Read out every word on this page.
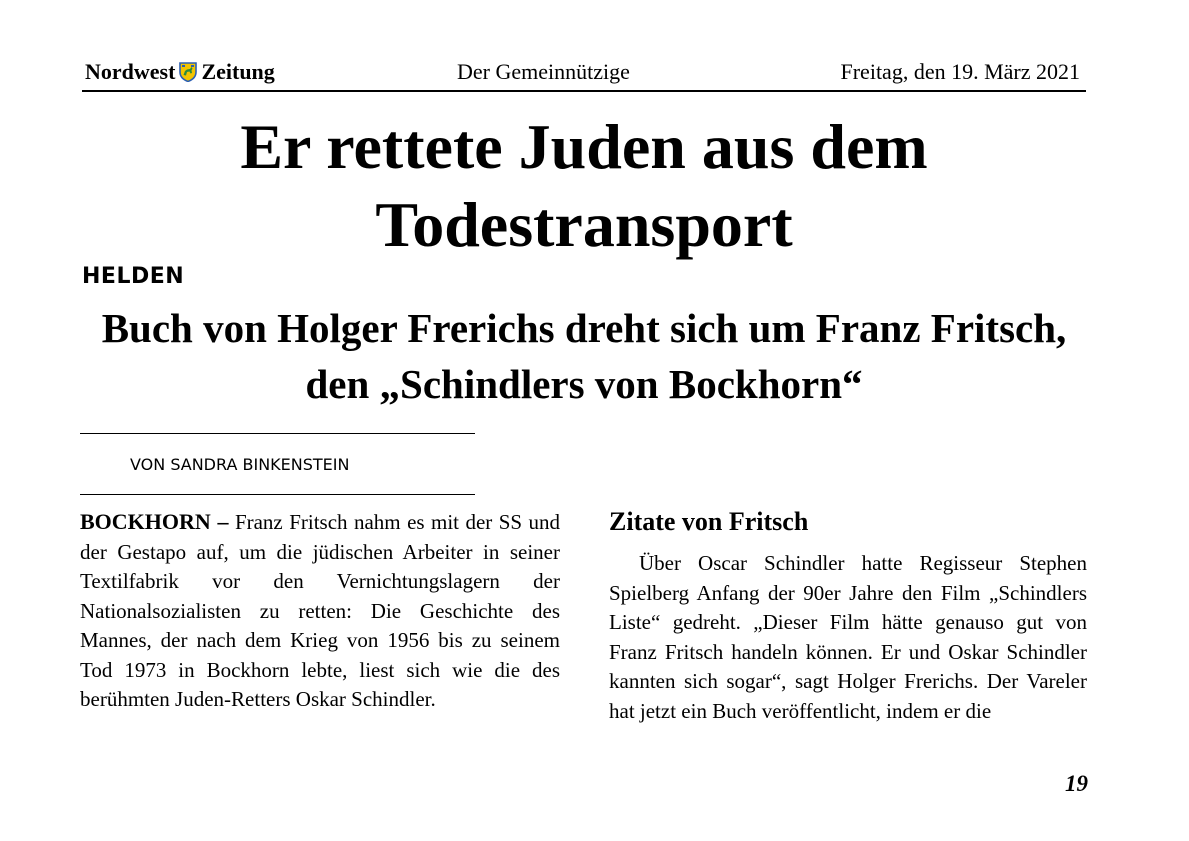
Nordwest Zeitung	Der Gemeinnützige	Freitag, den 19. März 2021
Er rettete Juden aus dem Todestransport
HELDEN
Buch von Holger Frerichs dreht sich um Franz Fritsch, den „Schindlers von Bockhorn“
VON SANDRA BINKENSTEIN

BOCKHORN – Franz Fritsch nahm es mit der SS und der Gestapo auf, um die jüdischen Arbeiter in seiner Textilfabrik vor den Vernichtungslagern der Nationalsozialisten zu retten: Die Geschichte des Mannes, der nach dem Krieg von 1956 bis zu seinem Tod 1973 in Bockhorn lebte, liest sich wie die des berühmten Juden-Retters Oskar Schindler.

Zitate von Fritsch

Über Oscar Schindler hatte Regisseur Stephen Spielberg Anfang der 90er Jahre den Film „Schindlers Liste“ gedreht. „Dieser Film hätte genauso gut von Franz Fritsch handeln können. Er und Oskar Schindler kannten sich sogar“, sagt Holger Frerichs. Der Vareler hat jetzt ein Buch veröffentlicht, indem er die

19
